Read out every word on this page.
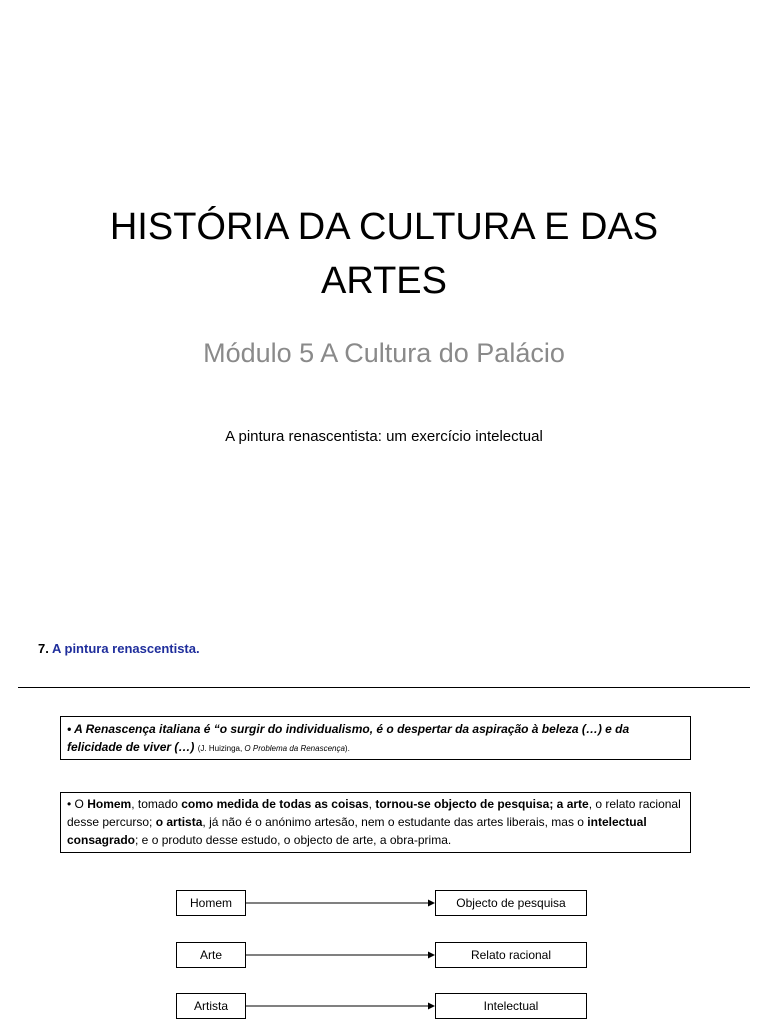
HISTÓRIA DA CULTURA E DAS
ARTES
Módulo 5 A Cultura do Palácio
A pintura renascentista: um exercício intelectual
7. A pintura renascentista.
• A Renascença italiana é “o surgir do individualismo, é o despertar da aspiração à beleza (…) e da felicidade de viver (…) (J. Huizinga, O Problema da Renascença).
• O Homem, tomado como medida de todas as coisas, tornou-se objecto de pesquisa; a arte, o relato racional desse percurso; o artista, já não é o anónimo artesão, nem o estudante das artes liberais, mas o intelectual consagrado; e o produto desse estudo, o objecto de arte, a obra-prima.
Homem	Objecto de pesquisa
Arte	Relato racional
Artista	Intelectual
